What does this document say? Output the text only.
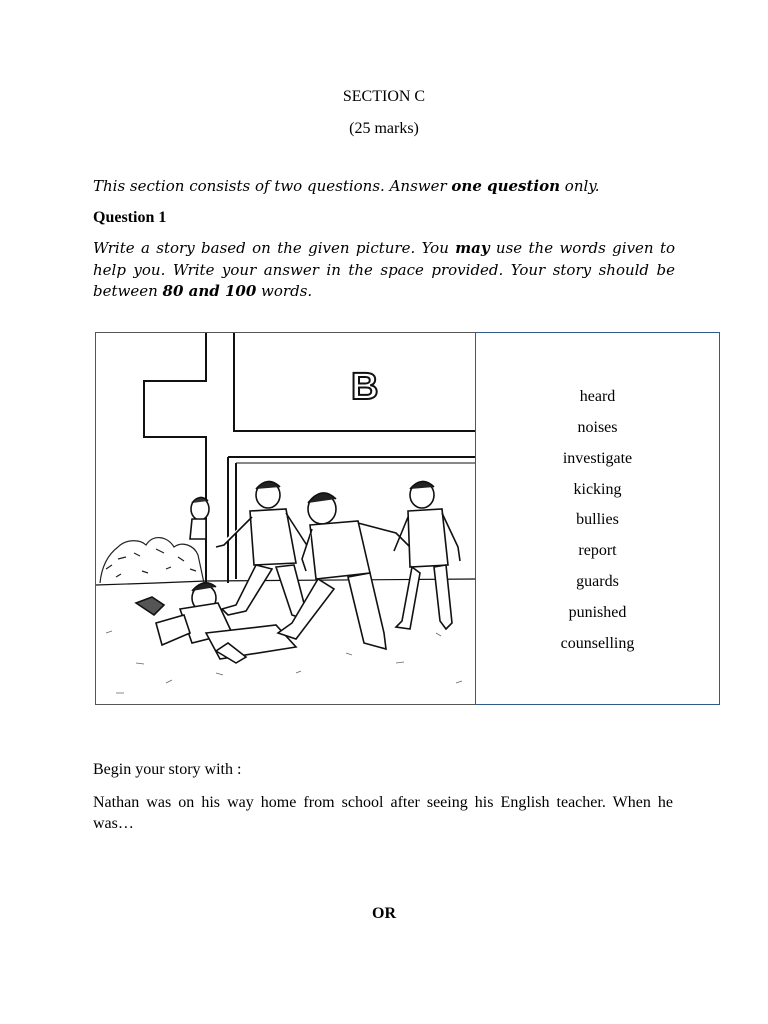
SECTION C
(25 marks)
This section consists of two questions. Answer one question only.
Question 1
Write a story based on the given picture. You may use the words given to help you. Write your answer in the space provided. Your story should be between 80 and 100 words.
B	heard
noises
investigate
kicking
bullies
report
guards
punished
counselling
Begin your story with :
Nathan was on his way home from school after seeing his English teacher. When he was…
OR
